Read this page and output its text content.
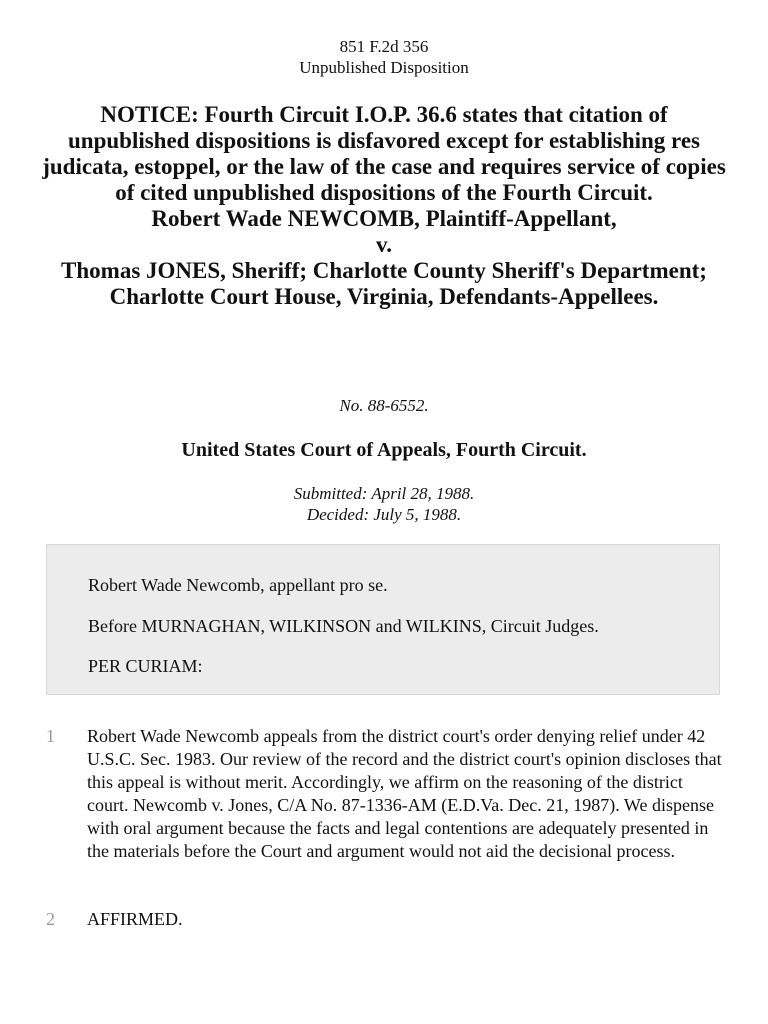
851 F.2d 356
Unpublished Disposition
NOTICE: Fourth Circuit I.O.P. 36.6 states that citation of unpublished dispositions is disfavored except for establishing res judicata, estoppel, or the law of the case and requires service of copies of cited unpublished dispositions of the Fourth Circuit.
Robert Wade NEWCOMB, Plaintiff-Appellant,
v.
Thomas JONES, Sheriff; Charlotte County Sheriff's Department; Charlotte Court House, Virginia, Defendants-Appellees.
No. 88-6552.
United States Court of Appeals, Fourth Circuit.
Submitted: April 28, 1988.
Decided: July 5, 1988.

Robert Wade Newcomb, appellant pro se.

Before MURNAGHAN, WILKINSON and WILKINS, Circuit Judges.

PER CURIAM:

1 Robert Wade Newcomb appeals from the district court's order denying relief under 42 U.S.C. Sec. 1983. Our review of the record and the district court's opinion discloses that this appeal is without merit. Accordingly, we affirm on the reasoning of the district court. Newcomb v. Jones, C/A No. 87-1336-AM (E.D.Va. Dec. 21, 1987). We dispense with oral argument because the facts and legal contentions are adequately presented in the materials before the Court and argument would not aid the decisional process.

2 AFFIRMED.
